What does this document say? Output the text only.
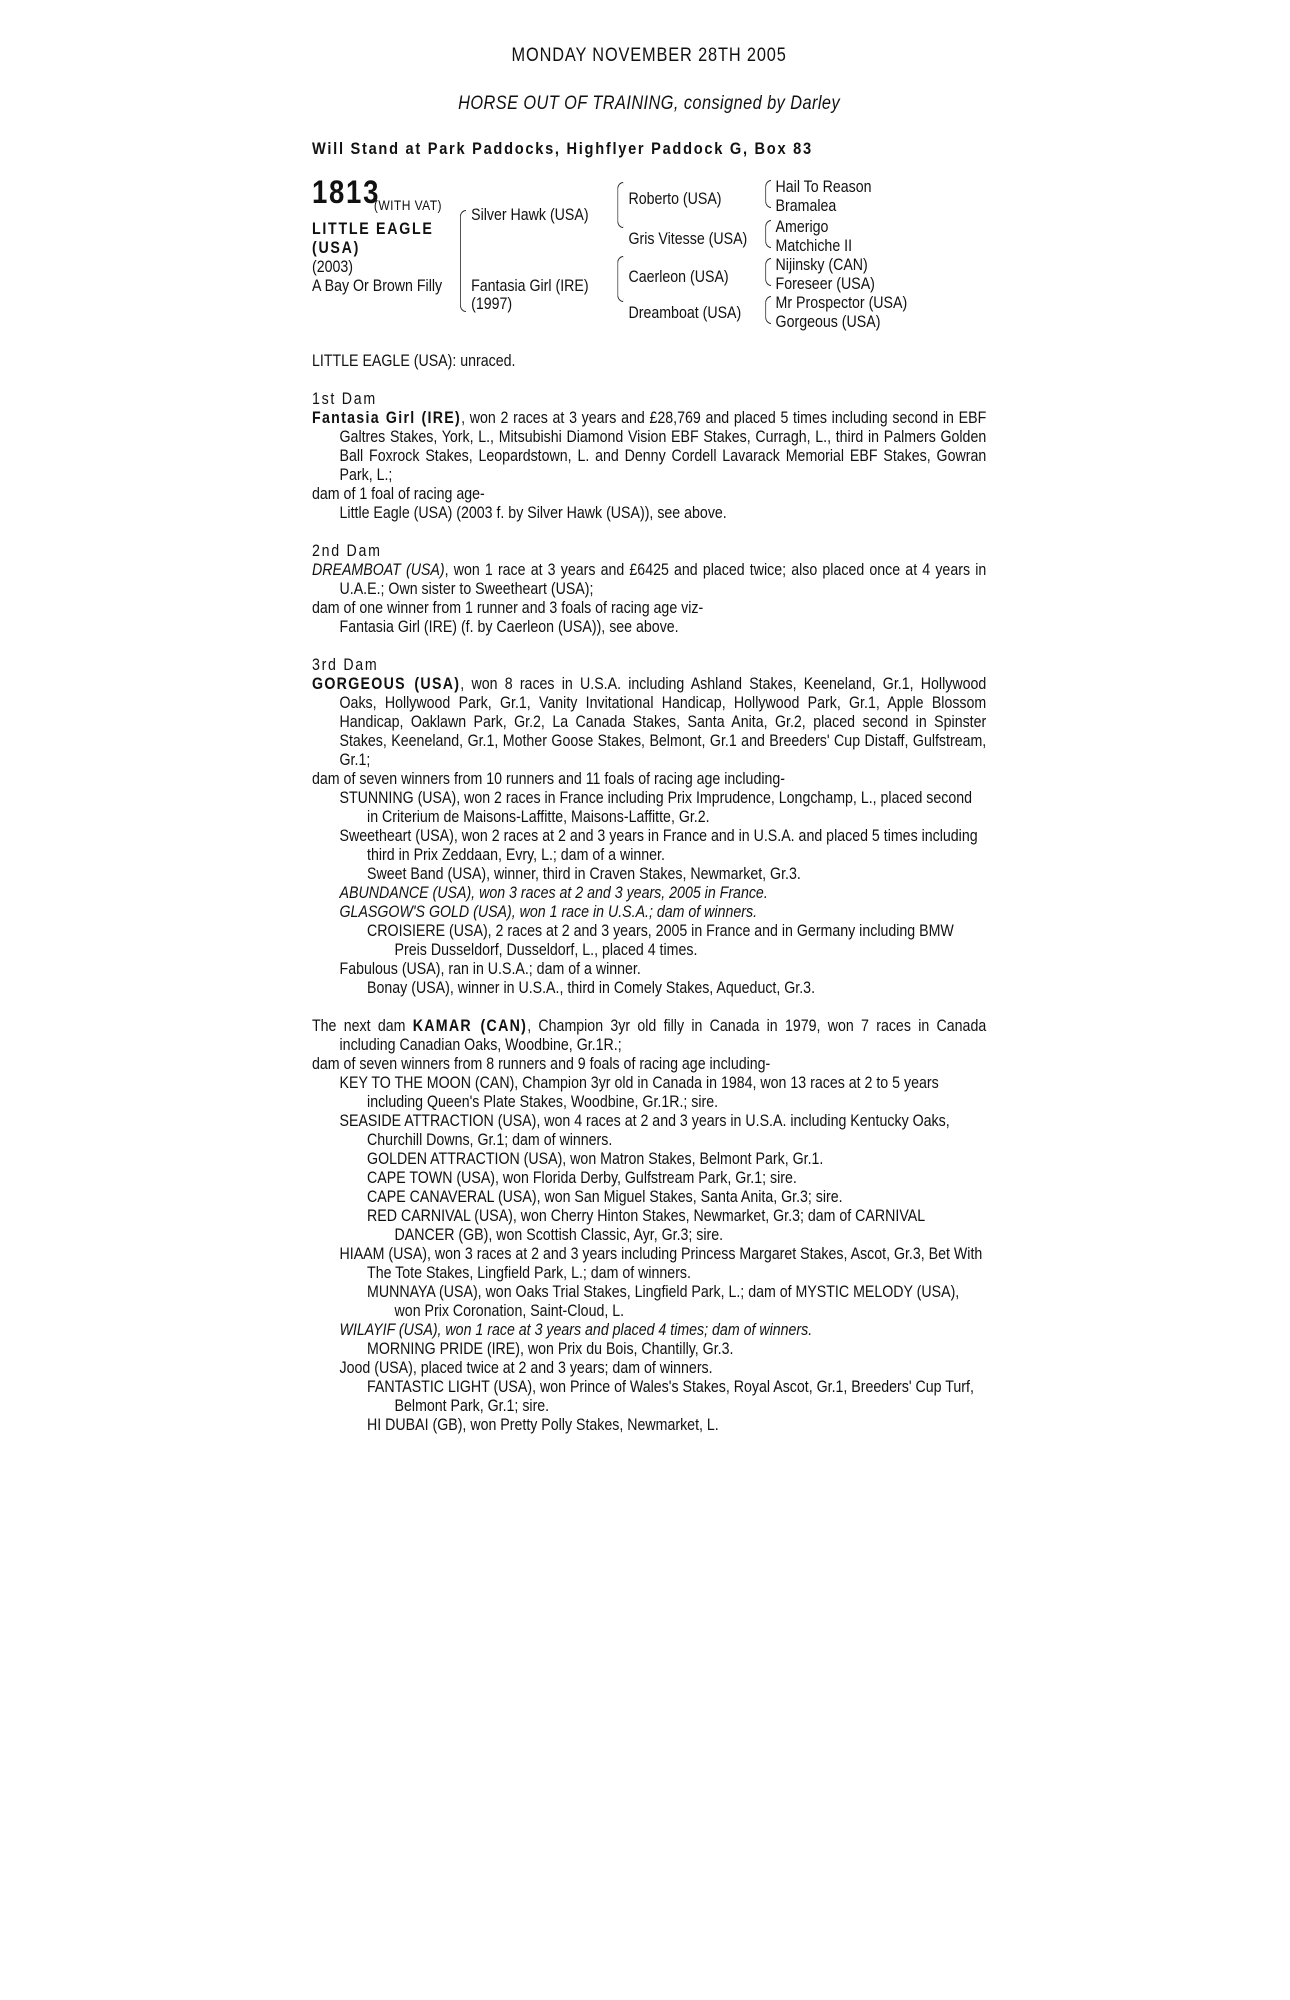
MONDAY NOVEMBER 28TH 2005
HORSE OUT OF TRAINING, consigned by Darley
Will Stand at Park Paddocks, Highflyer Paddock G, Box 83
1813
(WITH VAT)
LITTLE EAGLE
(USA)
(2003)
A Bay Or Brown Filly
Silver Hawk (USA)
Fantasia Girl (IRE)
(1997)
Roberto (USA)
Gris Vitesse (USA)
Caerleon (USA)
Dreamboat (USA)
Hail To Reason
Bramalea
Amerigo
Matchiche II
Nijinsky (CAN)
Foreseer (USA)
Mr Prospector (USA)
Gorgeous (USA)

LITTLE EAGLE (USA): unraced.

1st Dam

Fantasia Girl (IRE), won 2 races at 3 years and £28,769 and placed 5 times including second in EBF Galtres Stakes, York, L., Mitsubishi Diamond Vision EBF Stakes, Curragh, L., third in Palmers Golden Ball Foxrock Stakes, Leopardstown, L. and Denny Cordell Lavarack Memorial EBF Stakes, Gowran Park, L.;

dam of 1 foal of racing age-

Little Eagle (USA) (2003 f. by Silver Hawk (USA)), see above.

2nd Dam

DREAMBOAT (USA), won 1 race at 3 years and £6425 and placed twice; also placed once at 4 years in U.A.E.; Own sister to Sweetheart (USA);

dam of one winner from 1 runner and 3 foals of racing age viz-

Fantasia Girl (IRE) (f. by Caerleon (USA)), see above.

3rd Dam

GORGEOUS (USA), won 8 races in U.S.A. including Ashland Stakes, Keeneland, Gr.1, Hollywood Oaks, Hollywood Park, Gr.1, Vanity Invitational Handicap, Hollywood Park, Gr.1, Apple Blossom Handicap, Oaklawn Park, Gr.2, La Canada Stakes, Santa Anita, Gr.2, placed second in Spinster Stakes, Keeneland, Gr.1, Mother Goose Stakes, Belmont, Gr.1 and Breeders' Cup Distaff, Gulfstream, Gr.1;

dam of seven winners from 10 runners and 11 foals of racing age including-

STUNNING (USA), won 2 races in France including Prix Imprudence, Longchamp, L., placed second in Criterium de Maisons-Laffitte, Maisons-Laffitte, Gr.2.

Sweetheart (USA), won 2 races at 2 and 3 years in France and in U.S.A. and placed 5 times including third in Prix Zeddaan, Evry, L.; dam of a winner.

Sweet Band (USA), winner, third in Craven Stakes, Newmarket, Gr.3.

ABUNDANCE (USA), won 3 races at 2 and 3 years, 2005 in France.

GLASGOW'S GOLD (USA), won 1 race in U.S.A.; dam of winners.

CROISIERE (USA), 2 races at 2 and 3 years, 2005 in France and in Germany including BMW Preis Dusseldorf, Dusseldorf, L., placed 4 times.

Fabulous (USA), ran in U.S.A.; dam of a winner.

Bonay (USA), winner in U.S.A., third in Comely Stakes, Aqueduct, Gr.3.

The next dam KAMAR (CAN), Champion 3yr old filly in Canada in 1979, won 7 races in Canada including Canadian Oaks, Woodbine, Gr.1R.;

dam of seven winners from 8 runners and 9 foals of racing age including-

KEY TO THE MOON (CAN), Champion 3yr old in Canada in 1984, won 13 races at 2 to 5 years including Queen's Plate Stakes, Woodbine, Gr.1R.; sire.

SEASIDE ATTRACTION (USA), won 4 races at 2 and 3 years in U.S.A. including Kentucky Oaks, Churchill Downs, Gr.1; dam of winners.

GOLDEN ATTRACTION (USA), won Matron Stakes, Belmont Park, Gr.1.

CAPE TOWN (USA), won Florida Derby, Gulfstream Park, Gr.1; sire.

CAPE CANAVERAL (USA), won San Miguel Stakes, Santa Anita, Gr.3; sire.

RED CARNIVAL (USA), won Cherry Hinton Stakes, Newmarket, Gr.3; dam of CARNIVAL DANCER (GB), won Scottish Classic, Ayr, Gr.3; sire.

HIAAM (USA), won 3 races at 2 and 3 years including Princess Margaret Stakes, Ascot, Gr.3, Bet With The Tote Stakes, Lingfield Park, L.; dam of winners.

MUNNAYA (USA), won Oaks Trial Stakes, Lingfield Park, L.; dam of MYSTIC MELODY (USA), won Prix Coronation, Saint-Cloud, L.

WILAYIF (USA), won 1 race at 3 years and placed 4 times; dam of winners.

MORNING PRIDE (IRE), won Prix du Bois, Chantilly, Gr.3.

Jood (USA), placed twice at 2 and 3 years; dam of winners.

FANTASTIC LIGHT (USA), won Prince of Wales's Stakes, Royal Ascot, Gr.1, Breeders' Cup Turf, Belmont Park, Gr.1; sire.

HI DUBAI (GB), won Pretty Polly Stakes, Newmarket, L.
